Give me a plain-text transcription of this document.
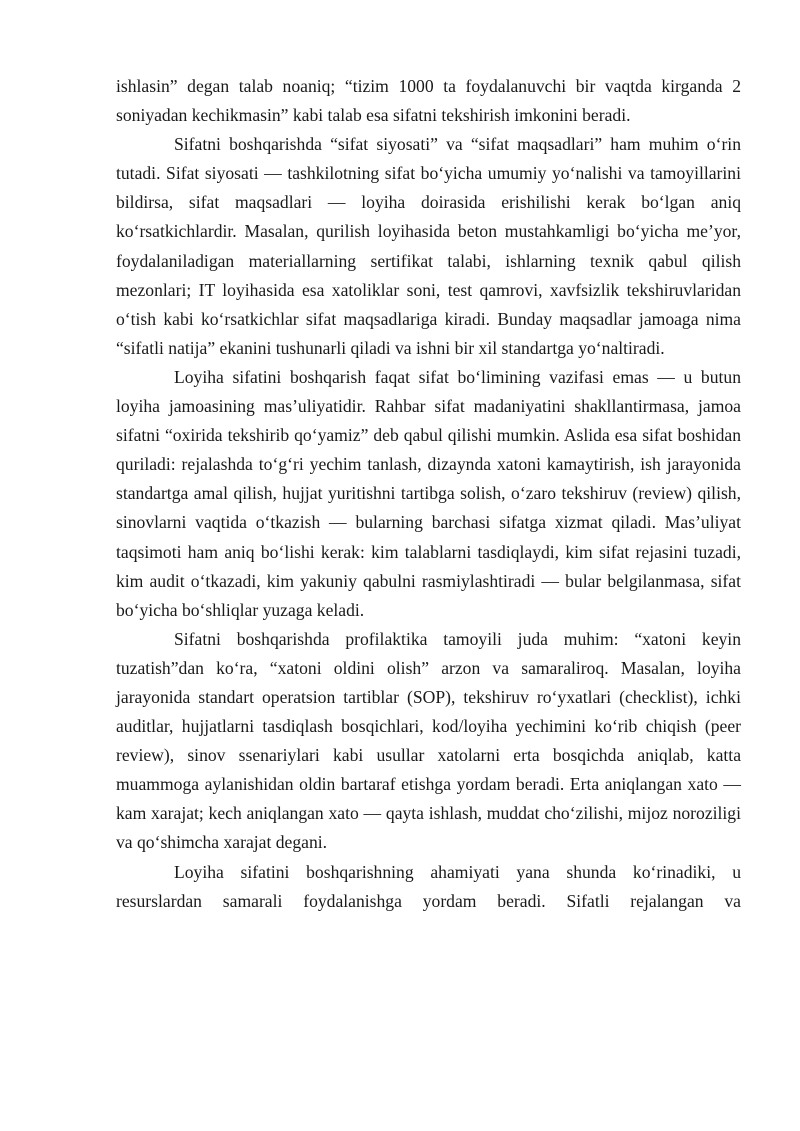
ishlasin” degan talab noaniq; “tizim 1000 ta foydalanuvchi bir vaqtda kirganda 2 soniyadan kechikmasin” kabi talab esa sifatni tekshirish imkonini beradi.

Sifatni boshqarishda “sifat siyosati” va “sifat maqsadlari” ham muhim o‘rin tutadi. Sifat siyosati — tashkilotning sifat bo‘yicha umumiy yo‘nalishi va tamoyillarini bildirsa, sifat maqsadlari — loyiha doirasida erishilishi kerak bo‘lgan aniq ko‘rsatkichlardir. Masalan, qurilish loyihasida beton mustahkamligi bo‘yicha me’yor, foydalaniladigan materiallarning sertifikat talabi, ishlarning texnik qabul qilish mezonlari; IT loyihasida esa xatoliklar soni, test qamrovi, xavfsizlik tekshiruvlaridan o‘tish kabi ko‘rsatkichlar sifat maqsadlariga kiradi. Bunday maqsadlar jamoaga nima “sifatli natija” ekanini tushunarli qiladi va ishni bir xil standartga yo‘naltiradi.

Loyiha sifatini boshqarish faqat sifat bo‘limining vazifasi emas — u butun loyiha jamoasining mas’uliyatidir. Rahbar sifat madaniyatini shakllantirmasa, jamoa sifatni “oxirida tekshirib qo‘yamiz” deb qabul qilishi mumkin. Aslida esa sifat boshidan quriladi: rejalashda to‘g‘ri yechim tanlash, dizaynda xatoni kamaytirish, ish jarayonida standartga amal qilish, hujjat yuritishni tartibga solish, o‘zaro tekshiruv (review) qilish, sinovlarni vaqtida o‘tkazish — bularning barchasi sifatga xizmat qiladi. Mas’uliyat taqsimoti ham aniq bo‘lishi kerak: kim talablarni tasdiqlaydi, kim sifat rejasini tuzadi, kim audit o‘tkazadi, kim yakuniy qabulni rasmiylashtiradi — bular belgilanmasa, sifat bo‘yicha bo‘shliqlar yuzaga keladi.

Sifatni boshqarishda profilaktika tamoyili juda muhim: “xatoni keyin tuzatish”dan ko‘ra, “xatoni oldini olish” arzon va samaraliroq. Masalan, loyiha jarayonida standart operatsion tartiblar (SOP), tekshiruv ro‘yxatlari (checklist), ichki auditlar, hujjatlarni tasdiqlash bosqichlari, kod/loyiha yechimini ko‘rib chiqish (peer review), sinov ssenariylari kabi usullar xatolarni erta bosqichda aniqlab, katta muammoga aylanishidan oldin bartaraf etishga yordam beradi. Erta aniqlangan xato — kam xarajat; kech aniqlangan xato — qayta ishlash, muddat cho‘zilishi, mijoz noroziligi va qo‘shimcha xarajat degani.

Loyiha sifatini boshqarishning ahamiyati yana shunda ko‘rinadiki, u resurslardan samarali foydalanishga yordam beradi. Sifatli rejalangan va
